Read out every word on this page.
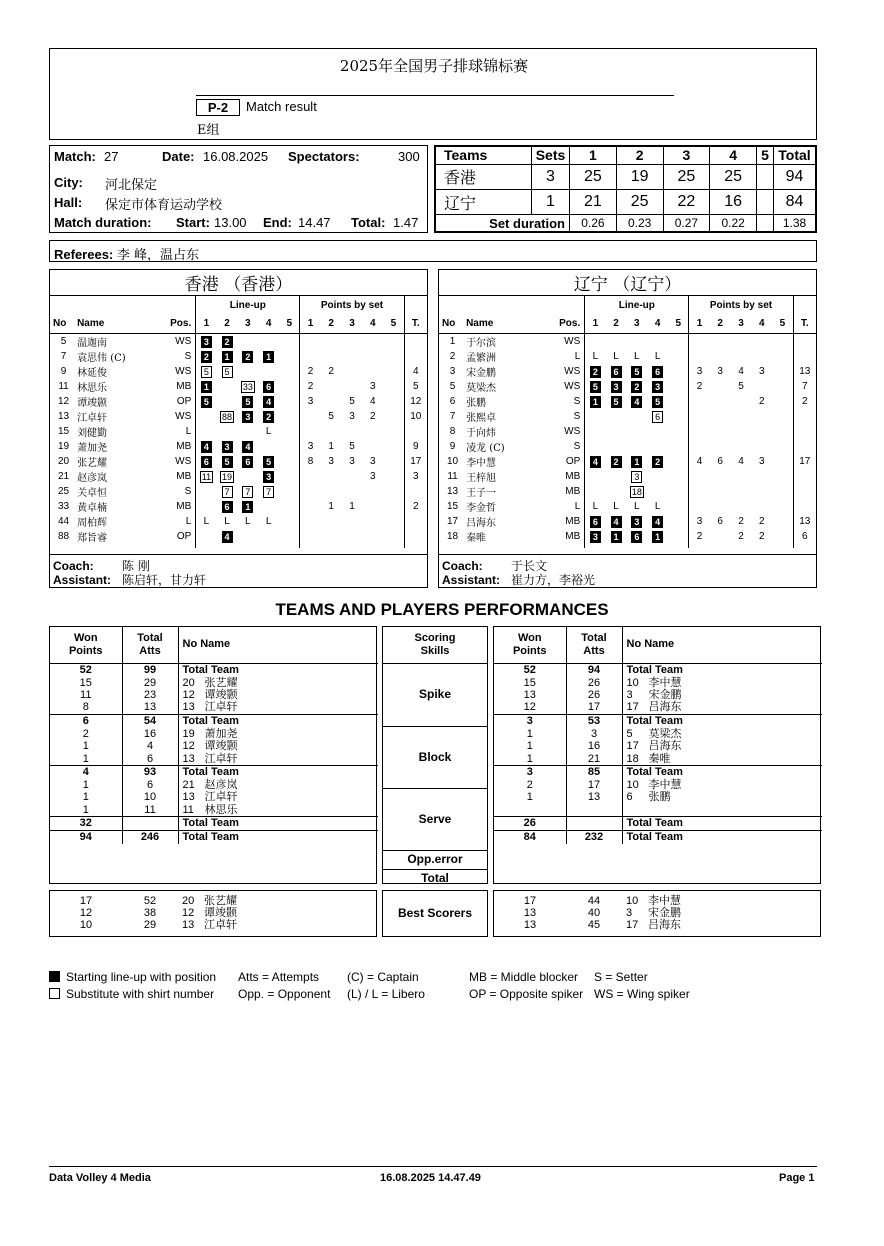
2025年全国男子排球锦标赛
P-2	Match result
E组
Match: 27	Date: 16.08.2025 Spectators:	300
City: 河北保定
Hall: 保定市体育运动学校
Match duration: Start: 13.00 End: 14.47 Total: 1.47
Teams	Sets	1	2	3	4	5	Total
香港	3	25	19	25	25		94
辽宁	1	21	25	22	16		84
Set duration		0.26	0.23	0.27	0.22		1.38
Referees: 李 峰，温占东
香港 （香港）													
			Line-up					Points by set					
No	Name	Pos.	1	2	3	4	5	1	2	3	4	5	T.
5	温迦南	WS	3	2									
7	袁思伟 (C)	S	2	1	2	1							
9	林延俊	WS	5	5				2	2				4
11	林思乐	MB	1		33	6		2			3		5
12	谭竣颢	OP	5		5	4		3		5	4		12
13	江卓轩	WS		88	3	2			5	3	2		10
15	刘健勤	L				L							
19	萧加尧	MB	4	3	4			3	1	5			9
20	张艺耀	WS	6	5	6	5		8	3	3	3		17
21	赵彦岚	MB	11	19		3					3		3
25	关卓恒	S		7	7	7							
33	黄卓楠	MB		6	1				1	1			2
44	周柏辉	L	L	L	L	L							
88	郑旨睿	OP		4									

Coach: 陈 刚
Assistant: 陈启轩，甘力轩
辽宁 （辽宁）													
			Line-up					Points by set					
No	Name	Pos.	1	2	3	4	5	1	2	3	4	5	T.
1	于尔滨	WS											
2	孟繁洲	L	L	L	L	L							
3	宋金鹏	WS	2	6	5	6		3	3	4	3		13
5	莫梁杰	WS	5	3	2	3		2		5			7
6	张鹏	S	1	5	4	5					2		2
7	张熙卓	S				6							
8	于向炜	WS											
9	凌龙 (C)	S											
10	李中慧	OP	4	2	1	2		4	6	4	3		17
11	王梓旭	MB			3								
13	王子一	MB			18								
15	李金哲	L	L	L	L	L							
17	吕海东	MB	6	4	3	4		3	6	2	2		13
18	秦唯	MB	3	1	6	1		2		2	2		6

Coach: 于长文
Assistant: 崔力方，李裕光
TEAMS AND PLAYERS PERFORMANCES
Won
Points	Total
Atts	No Name
52	99	Total Team
15	29	20 张艺耀
11	23	12 谭竣颢
8	13	13 江卓轩
6	54	Total Team
2	16	19 萧加尧
1	4	12 谭竣颢
1	6	13 江卓轩
4	93	Total Team
1	6	21 赵彦岚
1	10	13 江卓轩
1	11	11 林思乐
32		Total Team
94	246	Total Team
Scoring
Skills
Spike
Block
Serve
Opp.error
Total
Won
Points	Total
Atts	No Name
52	94	Total Team
15	26	10 李中慧
13	26	3 宋金鹏
12	17	17 吕海东
3	53	Total Team
1	3	5 莫梁杰
1	16	17 吕海东
1	21	18 秦唯
3	85	Total Team
2	17	10 李中慧
1	13	6 张鹏

26		Total Team
84	232	Total Team
17	52	20 张艺耀
12	38	12 谭竣颢
10	29	13 江卓轩
Best Scorers
17	44	10 李中慧
13	40	3 宋金鹏
13	45	17 吕海东
Starting line-up with position Atts = Attempts (C) = Captain	MB = Middle blocker S = Setter
Substitute with shirt number Opp. = Opponent (L) / L = Libero	OP = Opposite spiker WS = Wing spiker
Data Volley 4 Media	16.08.2025 14.47.49	Page 1
